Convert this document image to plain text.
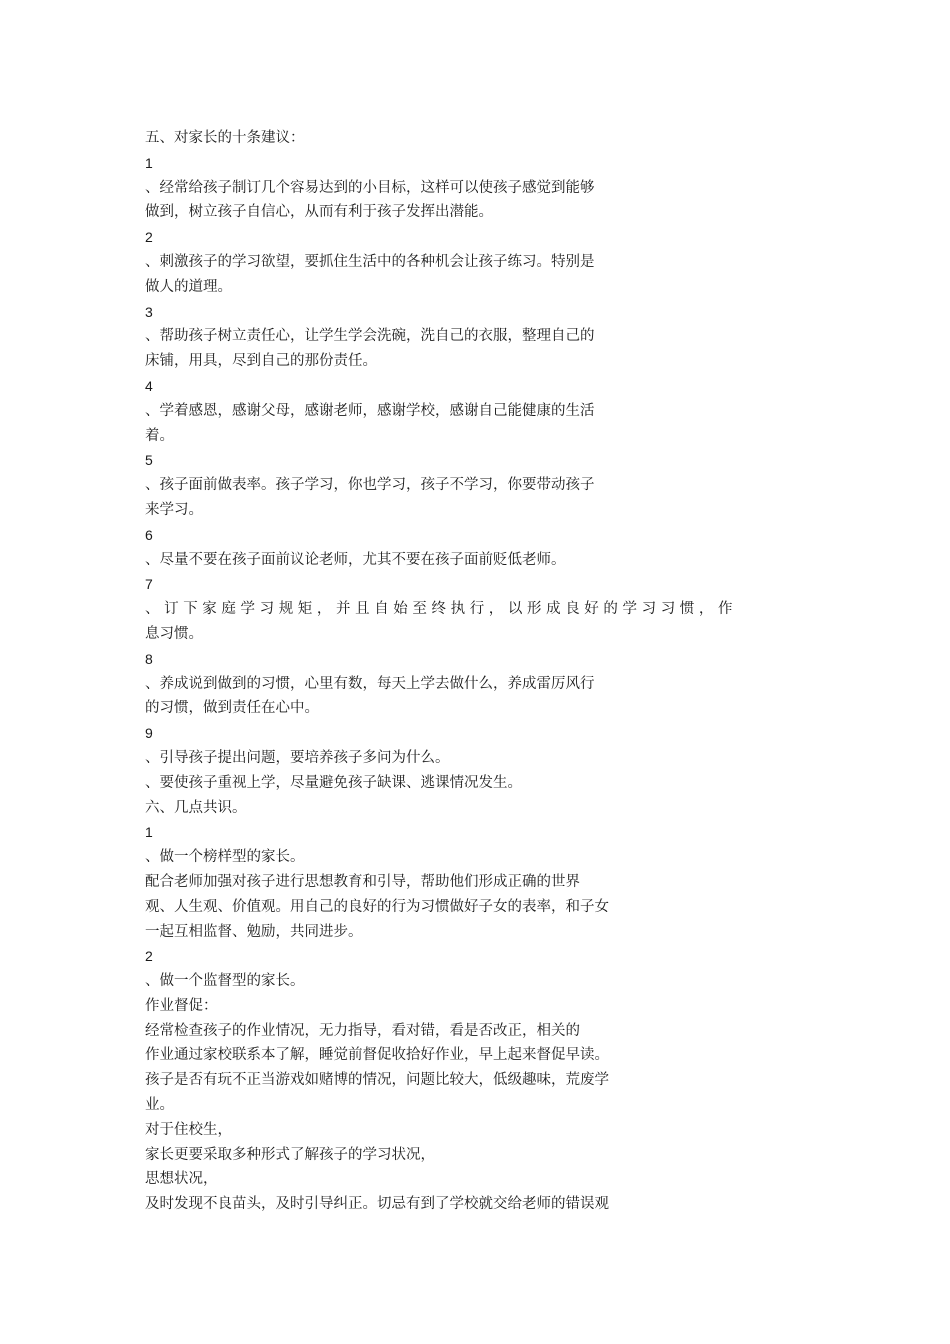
五、对家长的十条建议：
1
、经常给孩子制订几个容易达到的小目标，这样可以使孩子感觉到能够
做到，树立孩子自信心，从而有利于孩子发挥出潜能。
2
、刺激孩子的学习欲望，要抓住生活中的各种机会让孩子练习。特别是
做人的道理。
3
、帮助孩子树立责任心，让学生学会洗碗，洗自己的衣服，整理自己的
床铺，用具，尽到自己的那份责任。
4
、学着感恩，感谢父母，感谢老师，感谢学校，感谢自己能健康的生活
着。
5
、孩子面前做表率。孩子学习，你也学习，孩子不学习，你要带动孩子
来学习。
6
、尽量不要在孩子面前议论老师，尤其不要在孩子面前贬低老师。
7
、订下家庭学习规矩，并且自始至终执行，以形成良好的学习习惯，作
息习惯。
8
、养成说到做到的习惯，心里有数，每天上学去做什么，养成雷厉风行
的习惯，做到责任在心中。
9
、引导孩子提出问题，要培养孩子多问为什么。
、要使孩子重视上学，尽量避免孩子缺课、逃课情况发生。
六、几点共识。
1
、做一个榜样型的家长。
配合老师加强对孩子进行思想教育和引导，帮助他们形成正确的世界
观、人生观、价值观。用自己的良好的行为习惯做好子女的表率，和子女
一起互相监督、勉励，共同进步。
2
、做一个监督型的家长。
作业督促：
经常检查孩子的作业情况，无力指导，看对错，看是否改正，相关的
作业通过家校联系本了解，睡觉前督促收拾好作业，早上起来督促早读。
孩子是否有玩不正当游戏如赌博的情况，问题比较大，低级趣味，荒废学
业。
对于住校生，
家长更要采取多种形式了解孩子的学习状况，
思想状况，
及时发现不良苗头，及时引导纠正。切忌有到了学校就交给老师的错误观
